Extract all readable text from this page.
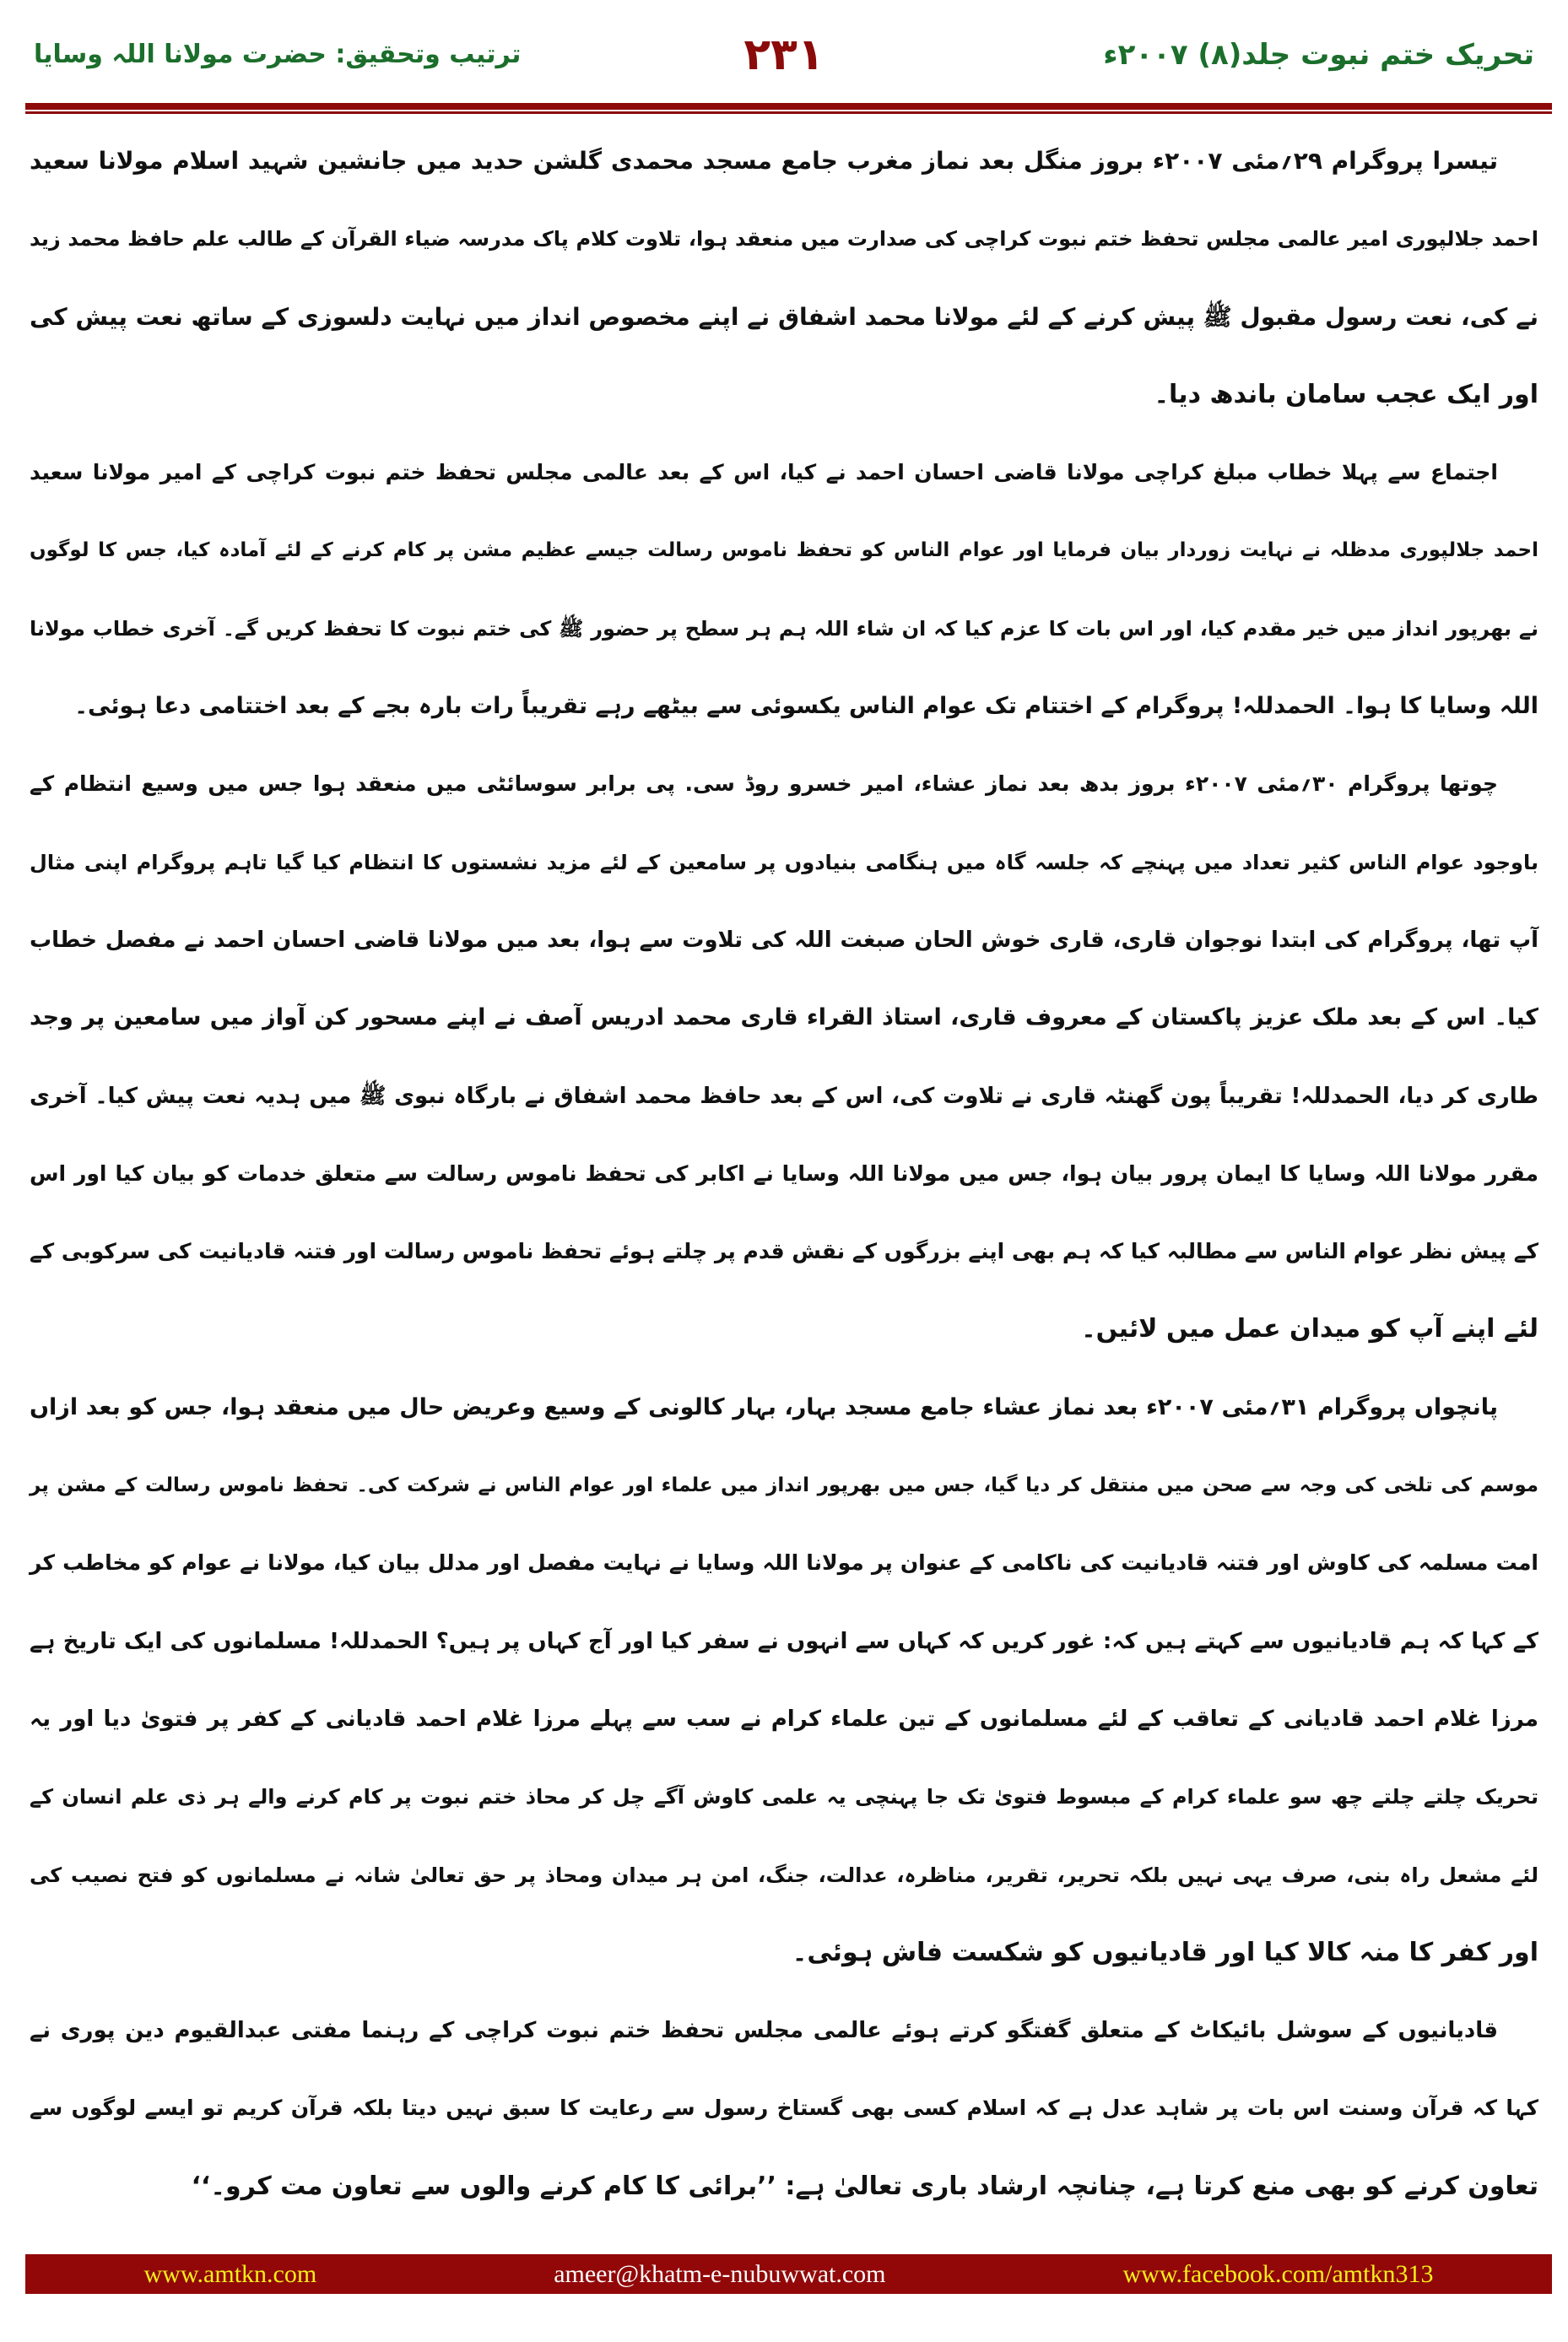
تحریک ختم نبوت جلد(۸) ۲۰۰۷ء
۲۳۱
ترتیب وتحقیق: حضرت مولانا اللہ وسایا
تیسرا پروگرام ۲۹؍مئی ۲۰۰۷ء بروز منگل بعد نماز مغرب جامع مسجد محمدی گلشن حدید میں جانشین شہید اسلام مولانا سعید
احمد جلالپوری امیر عالمی مجلس تحفظ ختم نبوت کراچی کی صدارت میں منعقد ہوا، تلاوت کلام پاک مدرسہ ضیاء القرآن کے طالب علم حافظ محمد زید
نے کی، نعت رسول مقبول ﷺ پیش کرنے کے لئے مولانا محمد اشفاق نے اپنے مخصوص انداز میں نہایت دلسوزی کے ساتھ نعت پیش کی
اور ایک عجب سامان باندھ دیا۔
اجتماع سے پہلا خطاب مبلغ کراچی مولانا قاضی احسان احمد نے کیا، اس کے بعد عالمی مجلس تحفظ ختم نبوت کراچی کے امیر مولانا سعید
احمد جلالپوری مدظلہ نے نہایت زوردار بیان فرمایا اور عوام الناس کو تحفظ ناموس رسالت جیسے عظیم مشن پر کام کرنے کے لئے آمادہ کیا، جس کا لوگوں
نے بھرپور انداز میں خیر مقدم کیا، اور اس بات کا عزم کیا کہ ان شاء اللہ ہم ہر سطح پر حضور ﷺ کی ختم نبوت کا تحفظ کریں گے۔ آخری خطاب مولانا
اللہ وسایا کا ہوا۔ الحمدللہ! پروگرام کے اختتام تک عوام الناس یکسوئی سے بیٹھے رہے تقریباً رات بارہ بجے کے بعد اختتامی دعا ہوئی۔
چوتھا پروگرام ۳۰؍مئی ۲۰۰۷ء بروز بدھ بعد نماز عشاء، امیر خسرو روڈ سی. پی برابر سوسائٹی میں منعقد ہوا جس میں وسیع انتظام کے
باوجود عوام الناس کثیر تعداد میں پہنچے کہ جلسہ گاہ میں ہنگامی بنیادوں پر سامعین کے لئے مزید نشستوں کا انتظام کیا گیا تاہم پروگرام اپنی مثال
آپ تھا، پروگرام کی ابتدا نوجوان قاری، قاری خوش الحان صبغت اللہ کی تلاوت سے ہوا، بعد میں مولانا قاضی احسان احمد نے مفصل خطاب
کیا۔ اس کے بعد ملک عزیز پاکستان کے معروف قاری، استاذ القراء قاری محمد ادریس آصف نے اپنے مسحور کن آواز میں سامعین پر وجد
طاری کر دیا، الحمدللہ! تقریباً پون گھنٹہ قاری نے تلاوت کی، اس کے بعد حافظ محمد اشفاق نے بارگاہ نبوی ﷺ میں ہدیہ نعت پیش کیا۔ آخری
مقرر مولانا اللہ وسایا کا ایمان پرور بیان ہوا، جس میں مولانا اللہ وسایا نے اکابر کی تحفظ ناموس رسالت سے متعلق خدمات کو بیان کیا اور اس
کے پیش نظر عوام الناس سے مطالبہ کیا کہ ہم بھی اپنے بزرگوں کے نقش قدم پر چلتے ہوئے تحفظ ناموس رسالت اور فتنہ قادیانیت کی سرکوبی کے
لئے اپنے آپ کو میدان عمل میں لائیں۔
پانچواں پروگرام ۳۱؍مئی ۲۰۰۷ء بعد نماز عشاء جامع مسجد بہار، بہار کالونی کے وسیع وعریض حال میں منعقد ہوا، جس کو بعد ازاں
موسم کی تلخی کی وجہ سے صحن میں منتقل کر دیا گیا، جس میں بھرپور انداز میں علماء اور عوام الناس نے شرکت کی۔ تحفظ ناموس رسالت کے مشن پر
امت مسلمہ کی کاوش اور فتنہ قادیانیت کی ناکامی کے عنوان پر مولانا اللہ وسایا نے نہایت مفصل اور مدلل بیان کیا، مولانا نے عوام کو مخاطب کر
کے کہا کہ ہم قادیانیوں سے کہتے ہیں کہ: غور کریں کہ کہاں سے انہوں نے سفر کیا اور آج کہاں پر ہیں؟ الحمدللہ! مسلمانوں کی ایک تاریخ ہے
مرزا غلام احمد قادیانی کے تعاقب کے لئے مسلمانوں کے تین علماء کرام نے سب سے پہلے مرزا غلام احمد قادیانی کے کفر پر فتویٰ دیا اور یہ
تحریک چلتے چلتے چھ سو علماء کرام کے مبسوط فتویٰ تک جا پہنچی یہ علمی کاوش آگے چل کر محاذ ختم نبوت پر کام کرنے والے ہر ذی علم انسان کے
لئے مشعل راہ بنی، صرف یہی نہیں بلکہ تحریر، تقریر، مناظرہ، عدالت، جنگ، امن ہر میدان ومحاذ پر حق تعالیٰ شانہ نے مسلمانوں کو فتح نصیب کی
اور کفر کا منہ کالا کیا اور قادیانیوں کو شکست فاش ہوئی۔
قادیانیوں کے سوشل بائیکاٹ کے متعلق گفتگو کرتے ہوئے عالمی مجلس تحفظ ختم نبوت کراچی کے رہنما مفتی عبدالقیوم دین پوری نے
کہا کہ قرآن وسنت اس بات پر شاہد عدل ہے کہ اسلام کسی بھی گستاخ رسول سے رعایت کا سبق نہیں دیتا بلکہ قرآن کریم تو ایسے لوگوں سے
تعاون کرنے کو بھی منع کرتا ہے، چنانچہ ارشاد باری تعالیٰ ہے: ’’برائی کا کام کرنے والوں سے تعاون مت کرو۔‘‘
www.amtkn.com	ameer@khatm-e-nubuwwat.com	www.facebook.com/amtkn313
